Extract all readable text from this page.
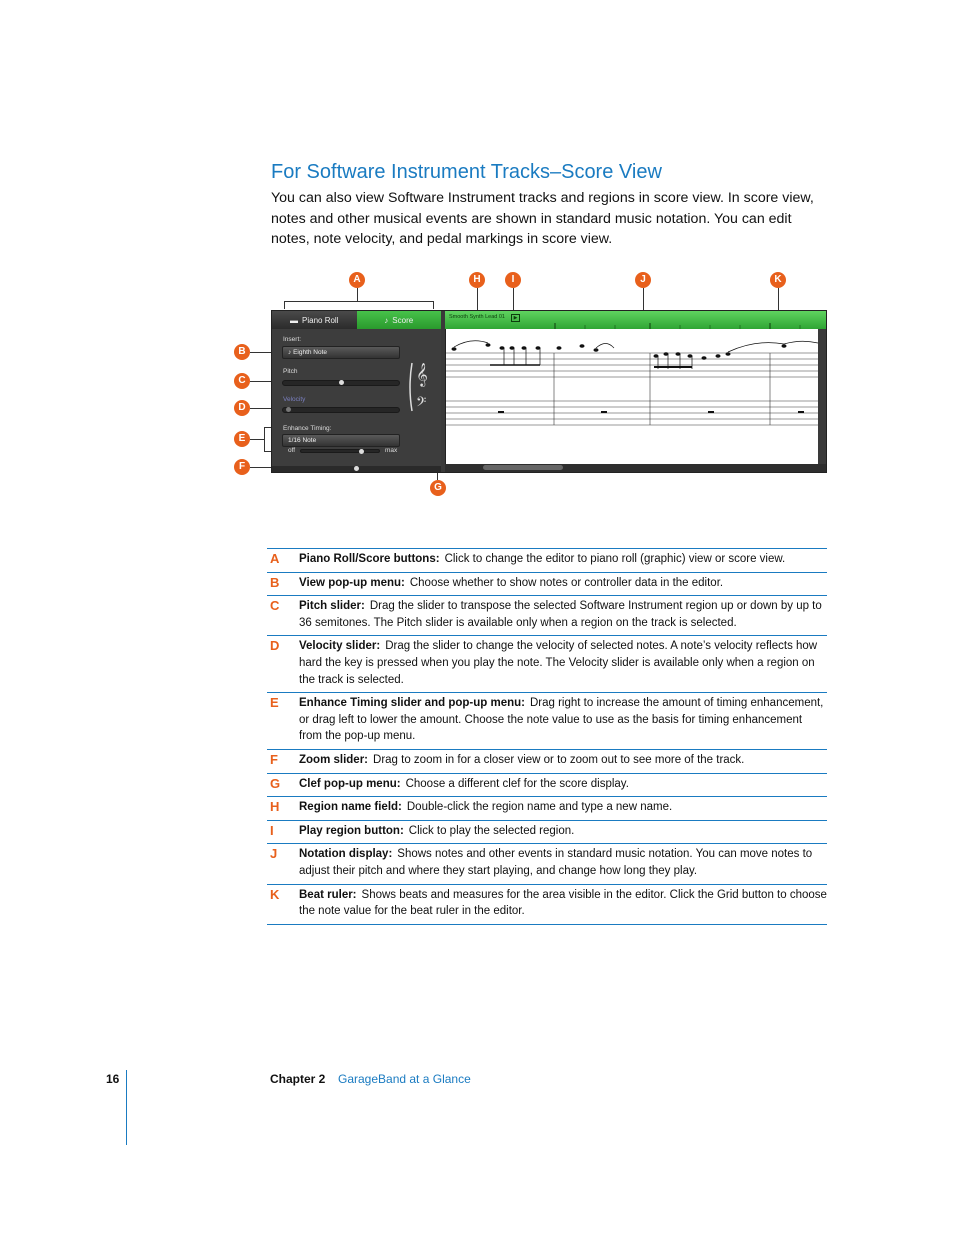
For Software Instrument Tracks–Score View

You can also view Software Instrument tracks and regions in score view. In score view, notes and other musical events are shown in standard music notation. You can edit notes, note velocity, and pedal markings in score view.

A
B
C
D
E
F
G
H	I	J	K
▬ Piano Roll	♪ Score
Insert:
♪ Eighth Note
Pitch
Velocity
Enhance Timing:
1/16 Note
off	max
𝄞
𝄢
Smooth Synth Lead 01	▶
A	Piano Roll/Score buttons: Click to change the editor to piano roll (graphic) view or score view.
B	View pop-up menu: Choose whether to show notes or controller data in the editor.
C	Pitch slider: Drag the slider to transpose the selected Software Instrument region up or down by up to 36 semitones. The Pitch slider is available only when a region on the track is selected.
D	Velocity slider: Drag the slider to change the velocity of selected notes. A note’s velocity reflects how hard the key is pressed when you play the note. The Velocity slider is available only when a region on the track is selected.
E	Enhance Timing slider and pop-up menu: Drag right to increase the amount of timing enhancement, or drag left to lower the amount. Choose the note value to use as the basis for timing enhancement from the pop-up menu.
F	Zoom slider: Drag to zoom in for a closer view or to zoom out to see more of the track.
G	Clef pop-up menu: Choose a different clef for the score display.
H	Region name field: Double-click the region name and type a new name.
I	Play region button: Click to play the selected region.
J	Notation display: Shows notes and other events in standard music notation. You can move notes to adjust their pitch and where they start playing, and change how long they play.
K	Beat ruler: Shows beats and measures for the area visible in the editor. Click the Grid button to choose the note value for the beat ruler in the editor.
16	Chapter 2 GarageBand at a Glance
